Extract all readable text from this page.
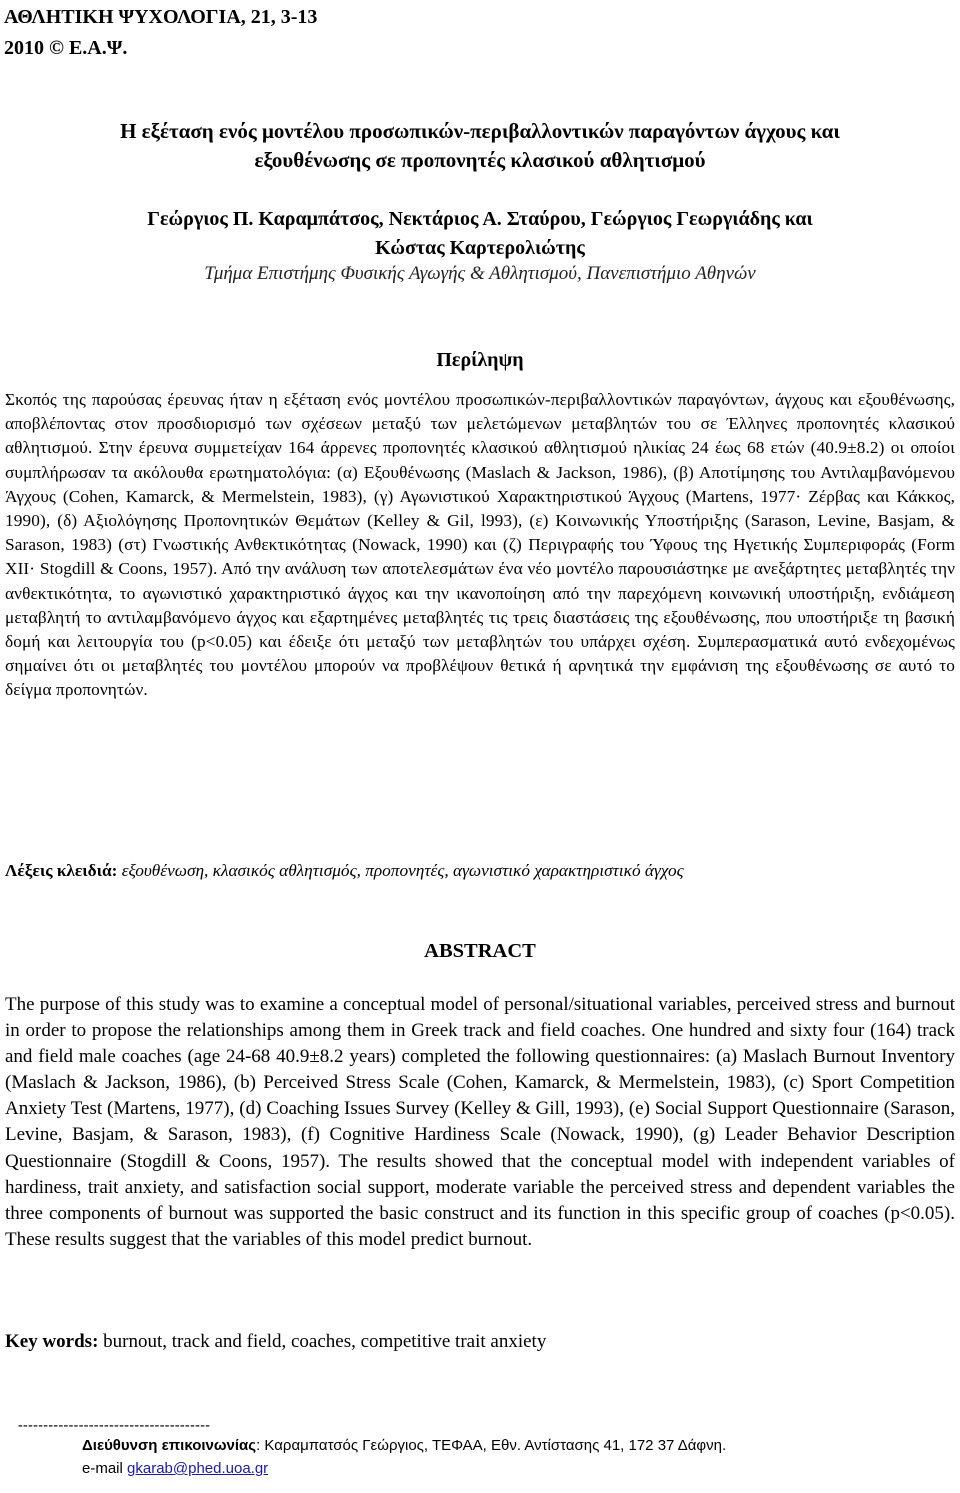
ΑΘΛΗΤΙΚΗ ΨΥΧΟΛΟΓΙΑ, 21, 3-13
2010 © Ε.Α.Ψ.
Η εξέταση ενός μοντέλου προσωπικών-περιβαλλοντικών παραγόντων άγχους και
εξουθένωσης σε προπονητές κλασικού αθλητισμού
Γεώργιος Π. Καραμπάτσος, Νεκτάριος Α. Σταύρου, Γεώργιος Γεωργιάδης και
Κώστας Καρτερολιώτης
Τμήμα Επιστήμης Φυσικής Αγωγής & Αθλητισμού, Πανεπιστήμιο Αθηνών
Περίληψη
Σκοπός της παρούσας έρευνας ήταν η εξέταση ενός μοντέλου προσωπικών-περιβαλλοντικών παραγόντων, άγχους και εξουθένωσης, αποβλέποντας στον προσδιορισμό των σχέσεων μεταξύ των μελετώμενων μεταβλητών του σε Έλληνες προπονητές κλασικού αθλητισμού. Στην έρευνα συμμετείχαν 164 άρρενες προπονητές κλασικού αθλητισμού ηλικίας 24 έως 68 ετών (40.9±8.2) οι οποίοι συμπλήρωσαν τα ακόλουθα ερωτηματολόγια: (α) Εξουθένωσης (Maslach & Jackson, 1986), (β) Αποτίμησης του Αντιλαμβανόμενου Άγχους (Cohen, Kamarck, & Mermelstein, 1983), (γ) Αγωνιστικού Χαρακτηριστικού Άγχους (Martens, 1977· Ζέρβας και Κάκκος, 1990), (δ) Αξιολόγησης Προπονητικών Θεμάτων (Kelley & Gil, l993), (ε) Κοινωνικής Υποστήριξης (Sarason, Levine, Basjam, & Sarason, 1983) (στ) Γνωστικής Ανθεκτικότητας (Nowack, 1990) και (ζ) Περιγραφής του Ύφους της Ηγετικής Συμπεριφοράς (Form XII· Stogdill & Coons, 1957). Από την ανάλυση των αποτελεσμάτων ένα νέο μοντέλο παρουσιάστηκε με ανεξάρτητες μεταβλητές την ανθεκτικότητα, το αγωνιστικό χαρακτηριστικό άγχος και την ικανοποίηση από την παρεχόμενη κοινωνική υποστήριξη, ενδιάμεση μεταβλητή το αντιλαμβανόμενο άγχος και εξαρτημένες μεταβλητές τις τρεις διαστάσεις της εξουθένωσης, που υποστήριξε τη βασική δομή και λειτουργία του (p<0.05) και έδειξε ότι μεταξύ των μεταβλητών του υπάρχει σχέση. Συμπερασματικά αυτό ενδεχομένως σημαίνει ότι οι μεταβλητές του μοντέλου μπορούν να προβλέψουν θετικά ή αρνητικά την εμφάνιση της εξουθένωσης σε αυτό το δείγμα προπονητών.
Λέξεις κλειδιά: εξουθένωση, κλασικός αθλητισμός, προπονητές, αγωνιστικό χαρακτηριστικό άγχος
ABSTRACT
The purpose of this study was to examine a conceptual model of personal/situational variables, perceived stress and burnout in order to propose the relationships among them in Greek track and field coaches. One hundred and sixty four (164) track and field male coaches (age 24-68 40.9±8.2 years) completed the following questionnaires: (a) Maslach Burnout Inventory (Maslach & Jackson, 1986), (b) Perceived Stress Scale (Cohen, Kamarck, & Mermelstein, 1983), (c) Sport Competition Anxiety Test (Martens, 1977), (d) Coaching Issues Survey (Kelley & Gill, 1993), (e) Social Support Questionnaire (Sarason, Levine, Basjam, & Sarason, 1983), (f) Cognitive Hardiness Scale (Nowack, 1990), (g) Leader Behavior Description Questionnaire (Stogdill & Coons, 1957). The results showed that the conceptual model with independent variables of hardiness, trait anxiety, and satisfaction social support, moderate variable the perceived stress and dependent variables the three components of burnout was supported the basic construct and its function in this specific group of coaches (p<0.05). These results suggest that the variables of this model predict burnout.
Key words: burnout, track and field, coaches, competitive trait anxiety
--------------------------------------
Διεύθυνση επικοινωνίας: Καραμπατσός Γεώργιος, ΤΕΦΑΑ, Εθν. Αντίστασης 41, 172 37 Δάφνη.
e-mail gkarab@phed.uoa.gr
